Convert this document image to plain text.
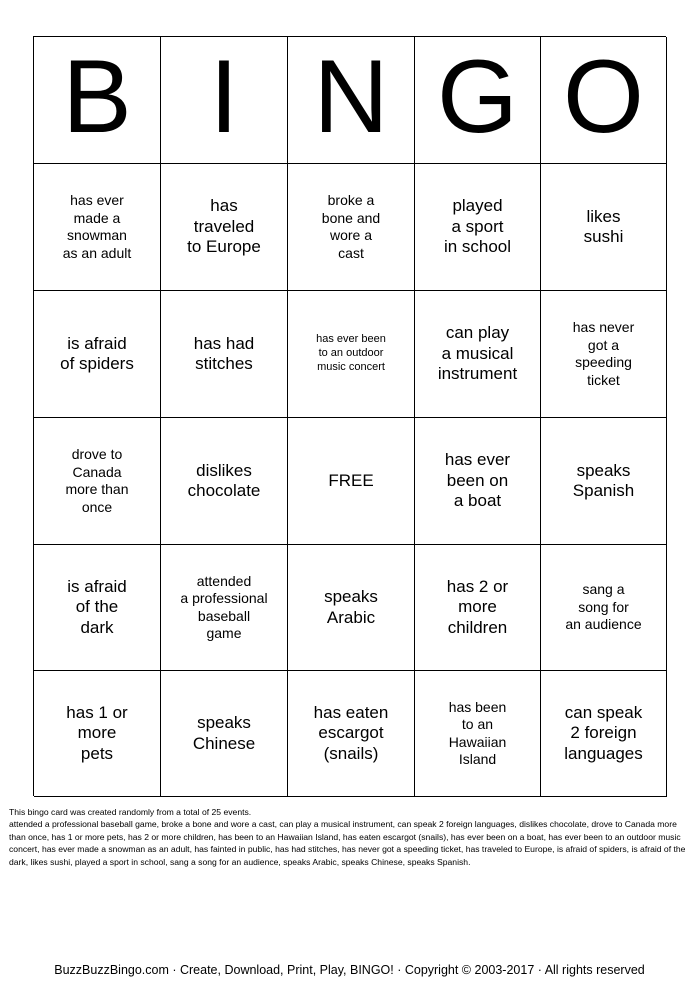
B I N G O
has ever
made a
snowman
as an adult
has
traveled
to Europe
broke a
bone and
wore a
cast
played
a sport
in school
likes
sushi
is afraid
of spiders
has had
stitches
has ever been
to an outdoor
music concert
can play
a musical
instrument
has never
got a
speeding
ticket
drove to
Canada
more than
once
dislikes
chocolate
FREE
has ever
been on
a boat
speaks
Spanish
is afraid
of the
dark
attended
a professional
baseball
game
speaks
Arabic
has 2 or
more
children
sang a
song for
an audience
has 1 or
more
pets
speaks
Chinese
has eaten
escargot
(snails)
has been
to an
Hawaiian
Island
can speak
2 foreign
languages

This bingo card was created randomly from a total of 25 events.

attended a professional baseball game, broke a bone and wore a cast, can play a musical instrument, can speak 2 foreign languages, dislikes chocolate, drove to Canada more than once, has 1 or more pets, has 2 or more children, has been to an Hawaiian Island, has eaten escargot (snails), has ever been on a boat, has ever been to an outdoor music concert, has ever made a snowman as an adult, has fainted in public, has had stitches, has never got a speeding ticket, has traveled to Europe, is afraid of spiders, is afraid of the dark, likes sushi, played a sport in school, sang a song for an audience, speaks Arabic, speaks Chinese, speaks Spanish.

BuzzBuzzBingo.com · Create, Download, Print, Play, BINGO! · Copyright © 2003-2017 · All rights reserved
